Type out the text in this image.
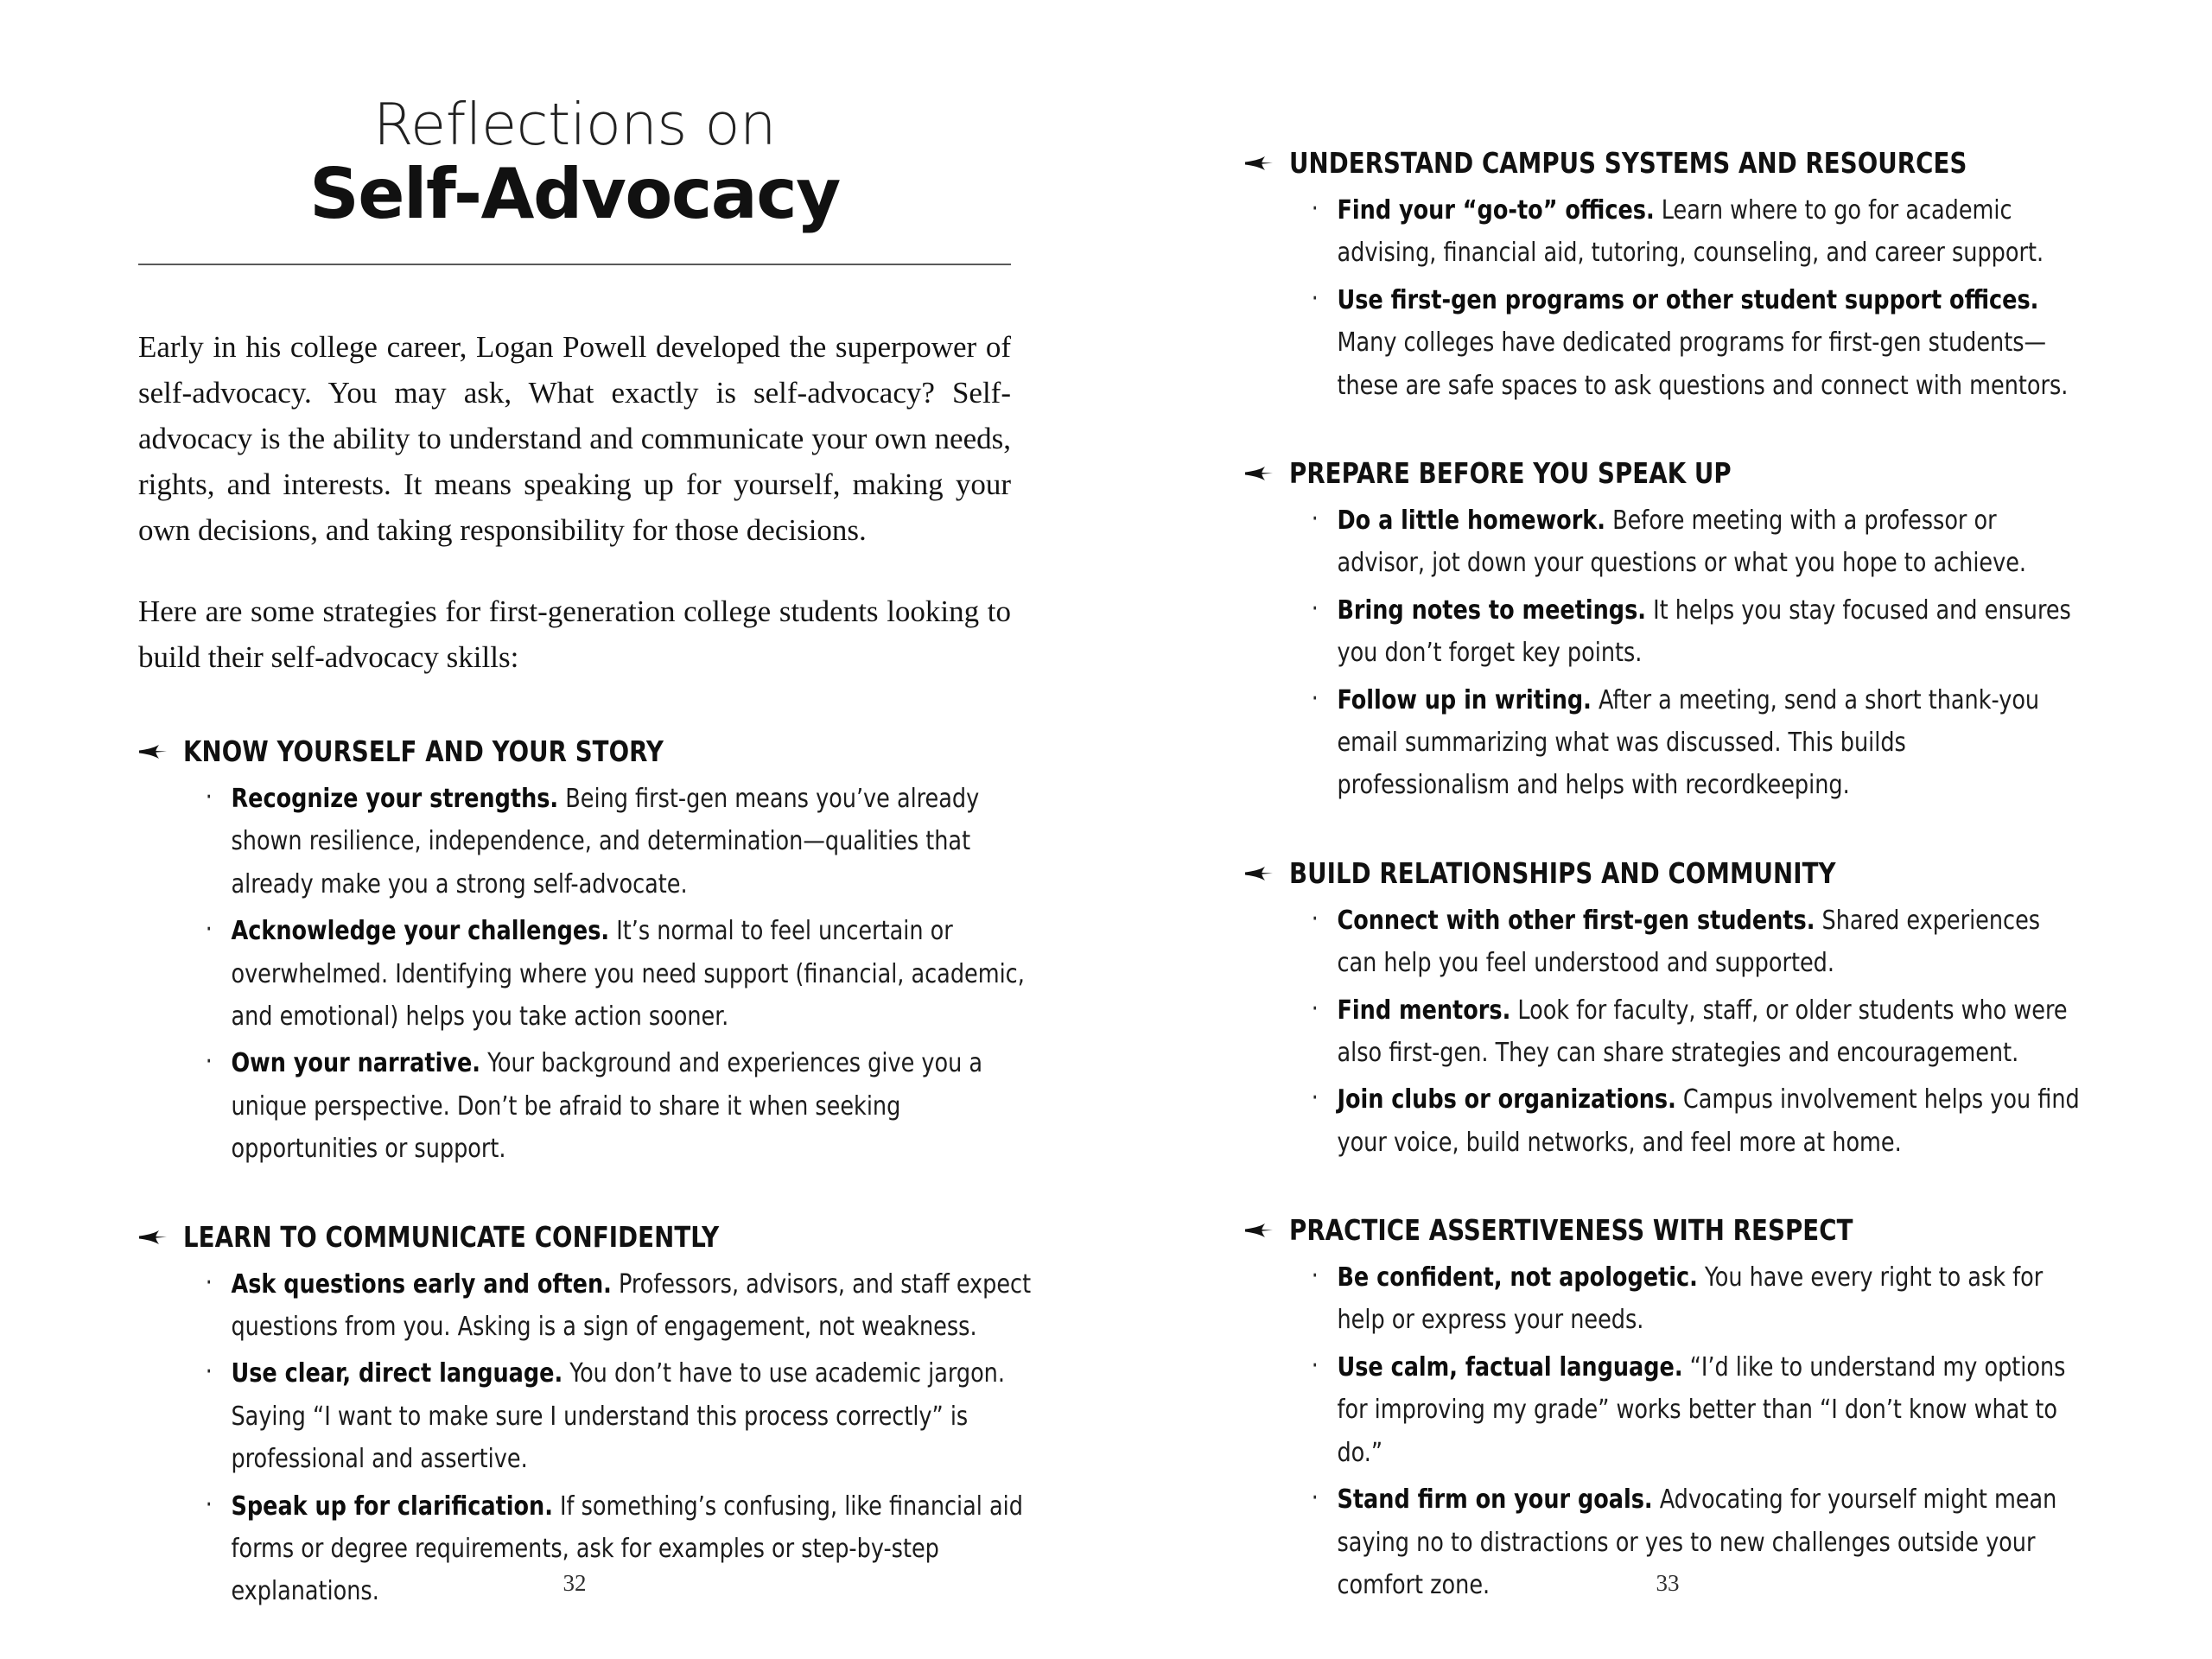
Reflections on
Self-Advocacy

Early in his college career, Logan Powell developed the superpower of self-advocacy. You may ask, What exactly is self-advocacy? Self-advocacy is the ability to understand and communicate your own needs, rights, and interests. It means speaking up for yourself, making your own decisions, and taking responsibility for those decisions.

Here are some strategies for first-generation college students looking to build their self-advocacy skills:

KNOW YOURSELF AND YOUR STORY
· Recognize your strengths. Being first-gen means you’ve already shown resilience, independence, and determination—qualities that already make you a strong self-advocate.
· Acknowledge your challenges. It’s normal to feel uncertain or overwhelmed. Identifying where you need support (financial, academic, and emotional) helps you take action sooner.
· Own your narrative. Your background and experiences give you a unique perspective. Don’t be afraid to share it when seeking opportunities or support.
LEARN TO COMMUNICATE CONFIDENTLY
· Ask questions early and often. Professors, advisors, and staff expect questions from you. Asking is a sign of engagement, not weakness.
· Use clear, direct language. You don’t have to use academic jargon. Saying “I want to make sure I understand this process correctly” is professional and assertive.
· Speak up for clarification. If something’s confusing, like financial aid forms or degree requirements, ask for examples or step-by-step explanations.	32
UNDERSTAND CAMPUS SYSTEMS AND RESOURCES
· Find your “go-to” offices. Learn where to go for academic advising, financial aid, tutoring, counseling, and career support.
· Use first-gen programs or other student support offices. Many colleges have dedicated programs for first-gen students—these are safe spaces to ask questions and connect with mentors.
PREPARE BEFORE YOU SPEAK UP
· Do a little homework. Before meeting with a professor or advisor, jot down your questions or what you hope to achieve.
· Bring notes to meetings. It helps you stay focused and ensures you don’t forget key points.
· Follow up in writing. After a meeting, send a short thank-you email summarizing what was discussed. This builds professionalism and helps with recordkeeping.
BUILD RELATIONSHIPS AND COMMUNITY
· Connect with other first-gen students. Shared experiences can help you feel understood and supported.
· Find mentors. Look for faculty, staff, or older students who were also first-gen. They can share strategies and encouragement.
· Join clubs or organizations. Campus involvement helps you find your voice, build networks, and feel more at home.
PRACTICE ASSERTIVENESS WITH RESPECT
· Be confident, not apologetic. You have every right to ask for help or express your needs.
· Use calm, factual language. “I’d like to understand my options for improving my grade” works better than “I don’t know what to do.”
· Stand firm on your goals. Advocating for yourself might mean saying no to distractions or yes to new challenges outside your comfort zone.	33
